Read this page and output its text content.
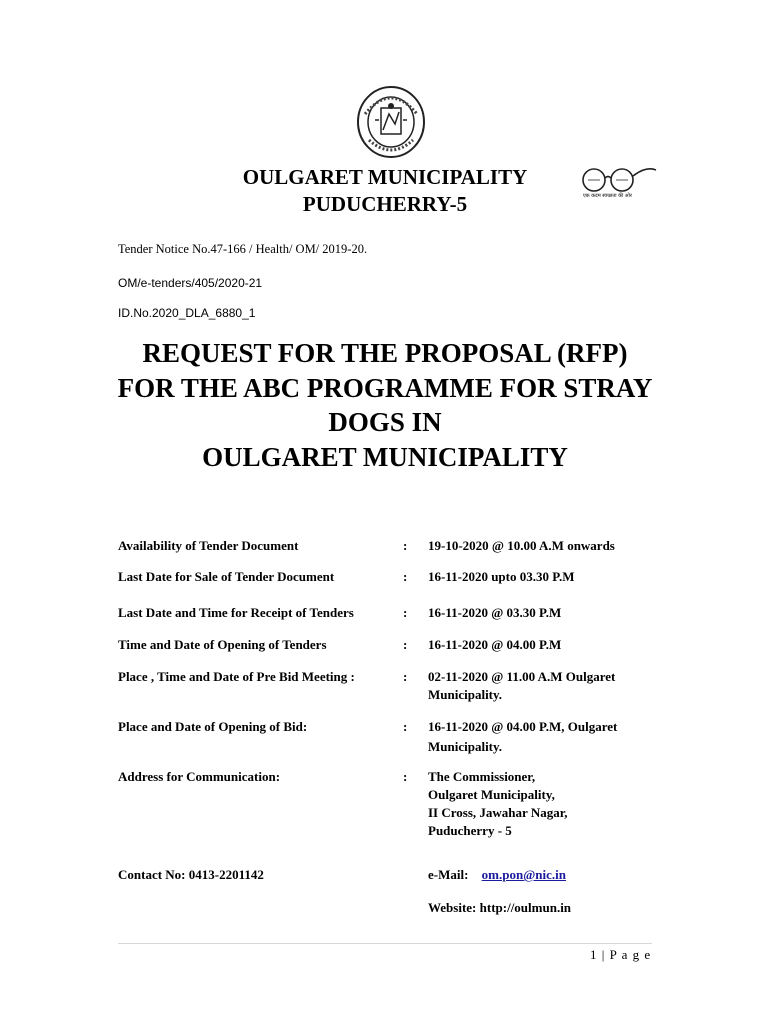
OULGARET MUNICIPALITY
PUDUCHERRY-5	एक कदम स्वच्छता की ओर
Tender Notice No.47-166 / Health/ OM/ 2019-20.
OM/e-tenders/405/2020-21
ID.No.2020_DLA_6880_1
REQUEST FOR THE PROPOSAL (RFP)
FOR THE ABC PROGRAMME FOR STRAY
DOGS IN
OULGARET MUNICIPALITY
Availability of Tender Document	: 19-10-2020 @ 10.00 A.M onwards
Last Date for Sale of Tender Document	: 16-11-2020 upto 03.30 P.M
Last Date and Time for Receipt of Tenders	: 16-11-2020 @ 03.30 P.M
Time and Date of Opening of Tenders	: 16-11-2020 @ 04.00 P.M
Place , Time and Date of Pre Bid Meeting :	: 02-11-2020 @ 11.00 A.M Oulgaret
Municipality.
Place and Date of Opening of Bid:	: 16-11-2020 @ 04.00 P.M, Oulgaret
Municipality.
Address for Communication:	: The Commissioner,
Oulgaret Municipality,
II Cross, Jawahar Nagar,
Puducherry - 5
Contact No: 0413-2201142	e-Mail: om.pon@nic.in
Website: http://oulmun.in
1 | P a g e
